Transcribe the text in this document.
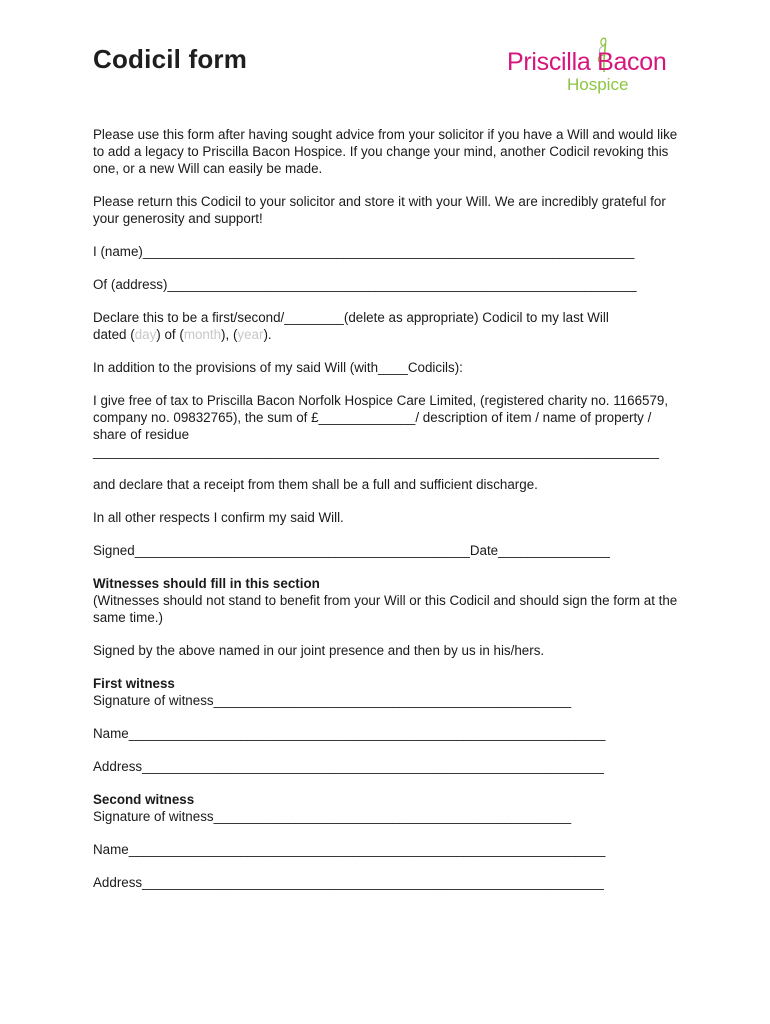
Codicil form	Priscilla Bacon
Hospice

Please use this form after having sought advice from your solicitor if you have a Will and would like to add a legacy to Priscilla Bacon Hospice. If you change your mind, another Codicil revoking this one, or a new Will can easily be made.

Please return this Codicil to your solicitor and store it with your Will. We are incredibly grateful for your generosity and support!

I (name)__________________________________________________________________

Of (address)_______________________________________________________________

Declare this to be a first/second/________(delete as appropriate) Codicil to my last Will
dated (day) of (month), (year).

In addition to the provisions of my said Will (with____Codicils):

I give free of tax to Priscilla Bacon Norfolk Hospice Care Limited, (registered charity no. 1166579, company no. 09832765), the sum of £_____________/ description of item / name of property / share of residue
____________________________________________________________________________

and declare that a receipt from them shall be a full and sufficient discharge.

In all other respects I confirm my said Will.

Signed_____________________________________________Date_______________

Witnesses should fill in this section
(Witnesses should not stand to benefit from your Will or this Codicil and should sign the form at the same time.)

Signed by the above named in our joint presence and then by us in his/hers.

First witness

Signature of witness________________________________________________

Name________________________________________________________________

Address______________________________________________________________

Second witness

Signature of witness________________________________________________

Name________________________________________________________________

Address______________________________________________________________
